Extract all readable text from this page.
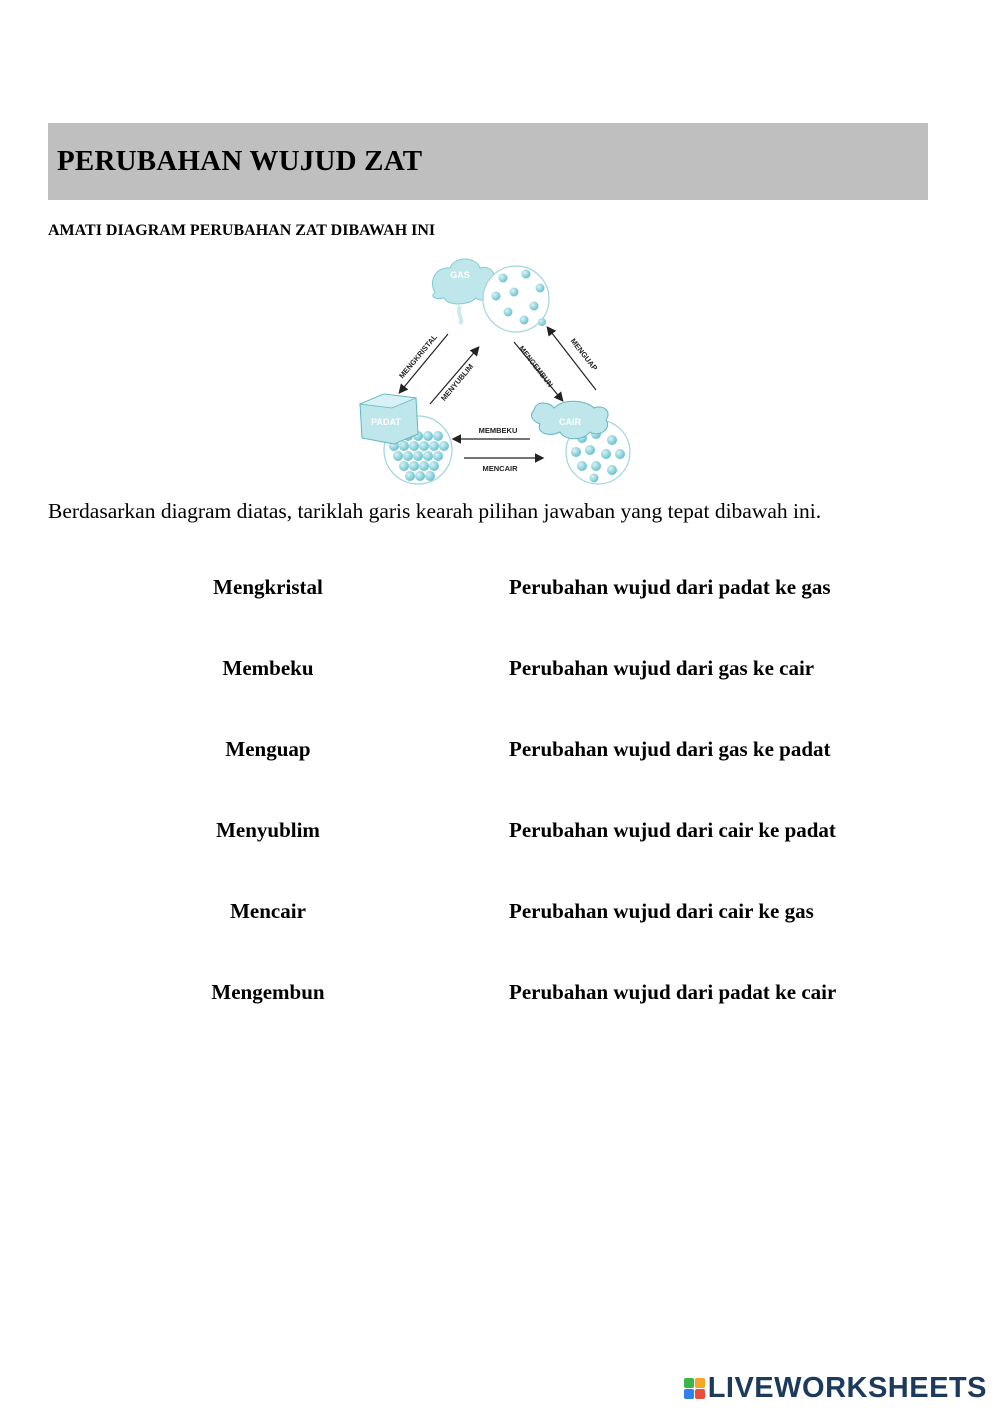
PERUBAHAN WUJUD ZAT
AMATI DIAGRAM PERUBAHAN ZAT DIBAWAH INI
GAS
PADAT	CAIR
MENGKRISTAL
MENYUBLIM	MENGEMBUN MENGUAP
MEMBEKU
MENCAIR
Berdasarkan diagram diatas, tariklah garis kearah pilihan jawaban yang tepat dibawah ini.
Mengkristal	Perubahan wujud dari padat ke gas
Membeku	Perubahan wujud dari gas ke cair
Menguap	Perubahan wujud dari gas ke padat
Menyublim	Perubahan wujud dari cair ke padat
Mencair	Perubahan wujud dari cair ke gas
Mengembun	Perubahan wujud dari padat ke cair
LIVEWORKSHEETS
